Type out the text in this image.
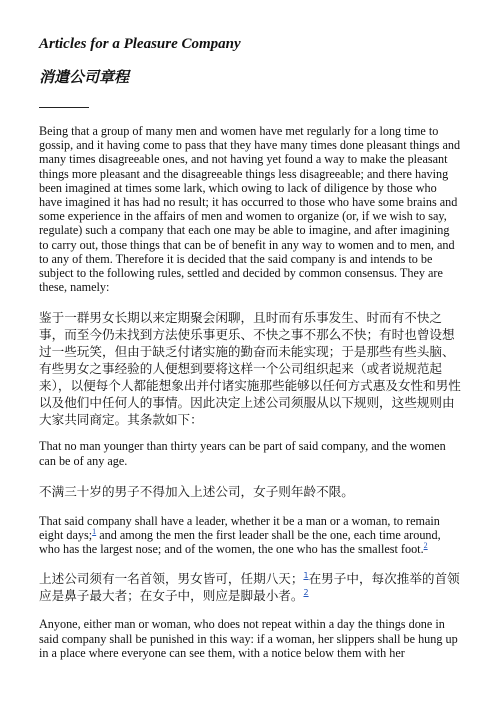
Articles for a Pleasure Company
消遣公司章程

Being that a group of many men and women have met regularly for a long time to gossip, and it having come to pass that they have many times done pleasant things and many times disagreeable ones, and not having yet found a way to make the pleasant things more pleasant and the disagreeable things less disagreeable; and there having been imagined at times some lark, which owing to lack of diligence by those who have imagined it has had no result; it has occurred to those who have some brains and some experience in the affairs of men and women to organize (or, if we wish to say, regulate) such a company that each one may be able to imagine, and after imagining to carry out, those things that can be of benefit in any way to women and to men, and to any of them. Therefore it is decided that the said company is and intends to be subject to the following rules, settled and decided by common consensus. They are these, namely:

鉴于一群男女长期以来定期聚会闲聊，且时而有乐事发生、时而有不快之事，而至今仍未找到方法使乐事更乐、不快之事不那么不快；有时也曾设想过一些玩笑，但由于缺乏付诸实施的勤奋而未能实现；于是那些有些头脑、有些男女之事经验的人便想到要将这样一个公司组织起来（或者说规范起来），以便每个人都能想象出并付诸实施那些能够以任何方式惠及女性和男性以及他们中任何人的事情。因此决定上述公司须服从以下规则，这些规则由大家共同商定。其条款如下：

That no man younger than thirty years can be part of said company, and the women can be of any age.

不满三十岁的男子不得加入上述公司，女子则年龄不限。

That said company shall have a leader, whether it be a man or a woman, to remain eight days;$^1$ and among the men the first leader shall be the one, each time around, who has the largest nose; and of the women, the one who has the smallest foot.$^2$

上述公司须有一名首领，男女皆可，任期八天；$^1$在男子中，每次推举的首领应是鼻子最大者；在女子中，则应是脚最小者。$^2$

Anyone, either man or woman, who does not repeat within a day the things done in said company shall be punished in this way: if a woman, her slippers shall be hung up in a place where everyone can see them, with a notice below them with her
